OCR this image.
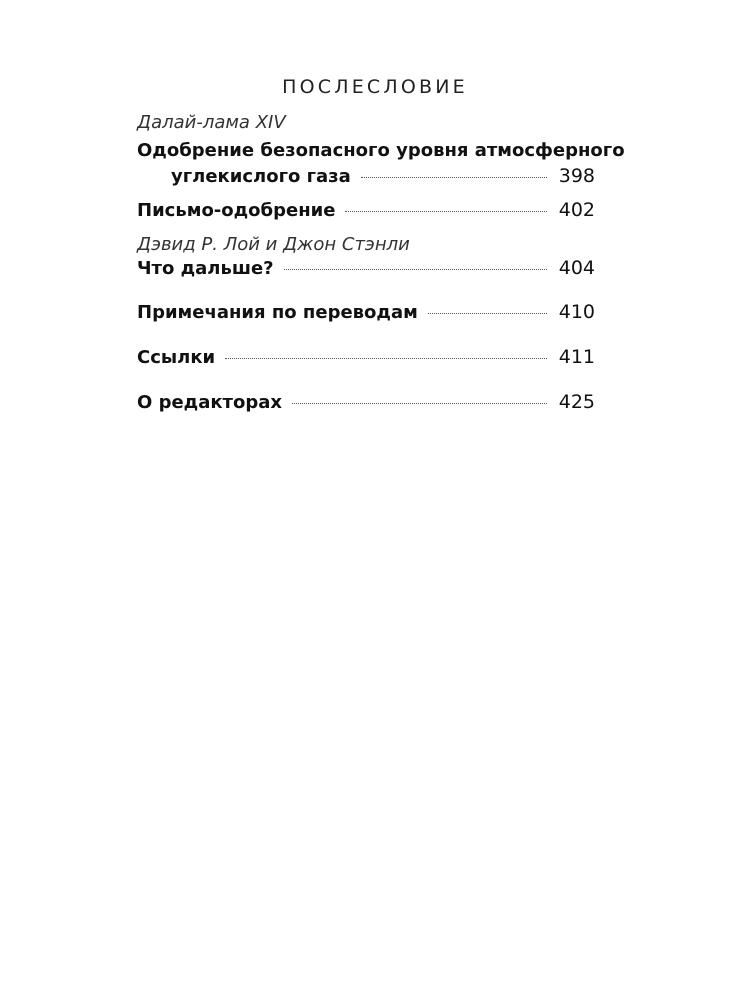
ПОСЛЕСЛОВИЕ
Далай-лама XIV
Одобрение безопасного уровня атмосферного
углекислого газа	398
Письмо-одобрение	402
Дэвид Р. Лой и Джон Стэнли
Что дальше?	404
Примечания по переводам	410
Ссылки	411
О редакторах	425
